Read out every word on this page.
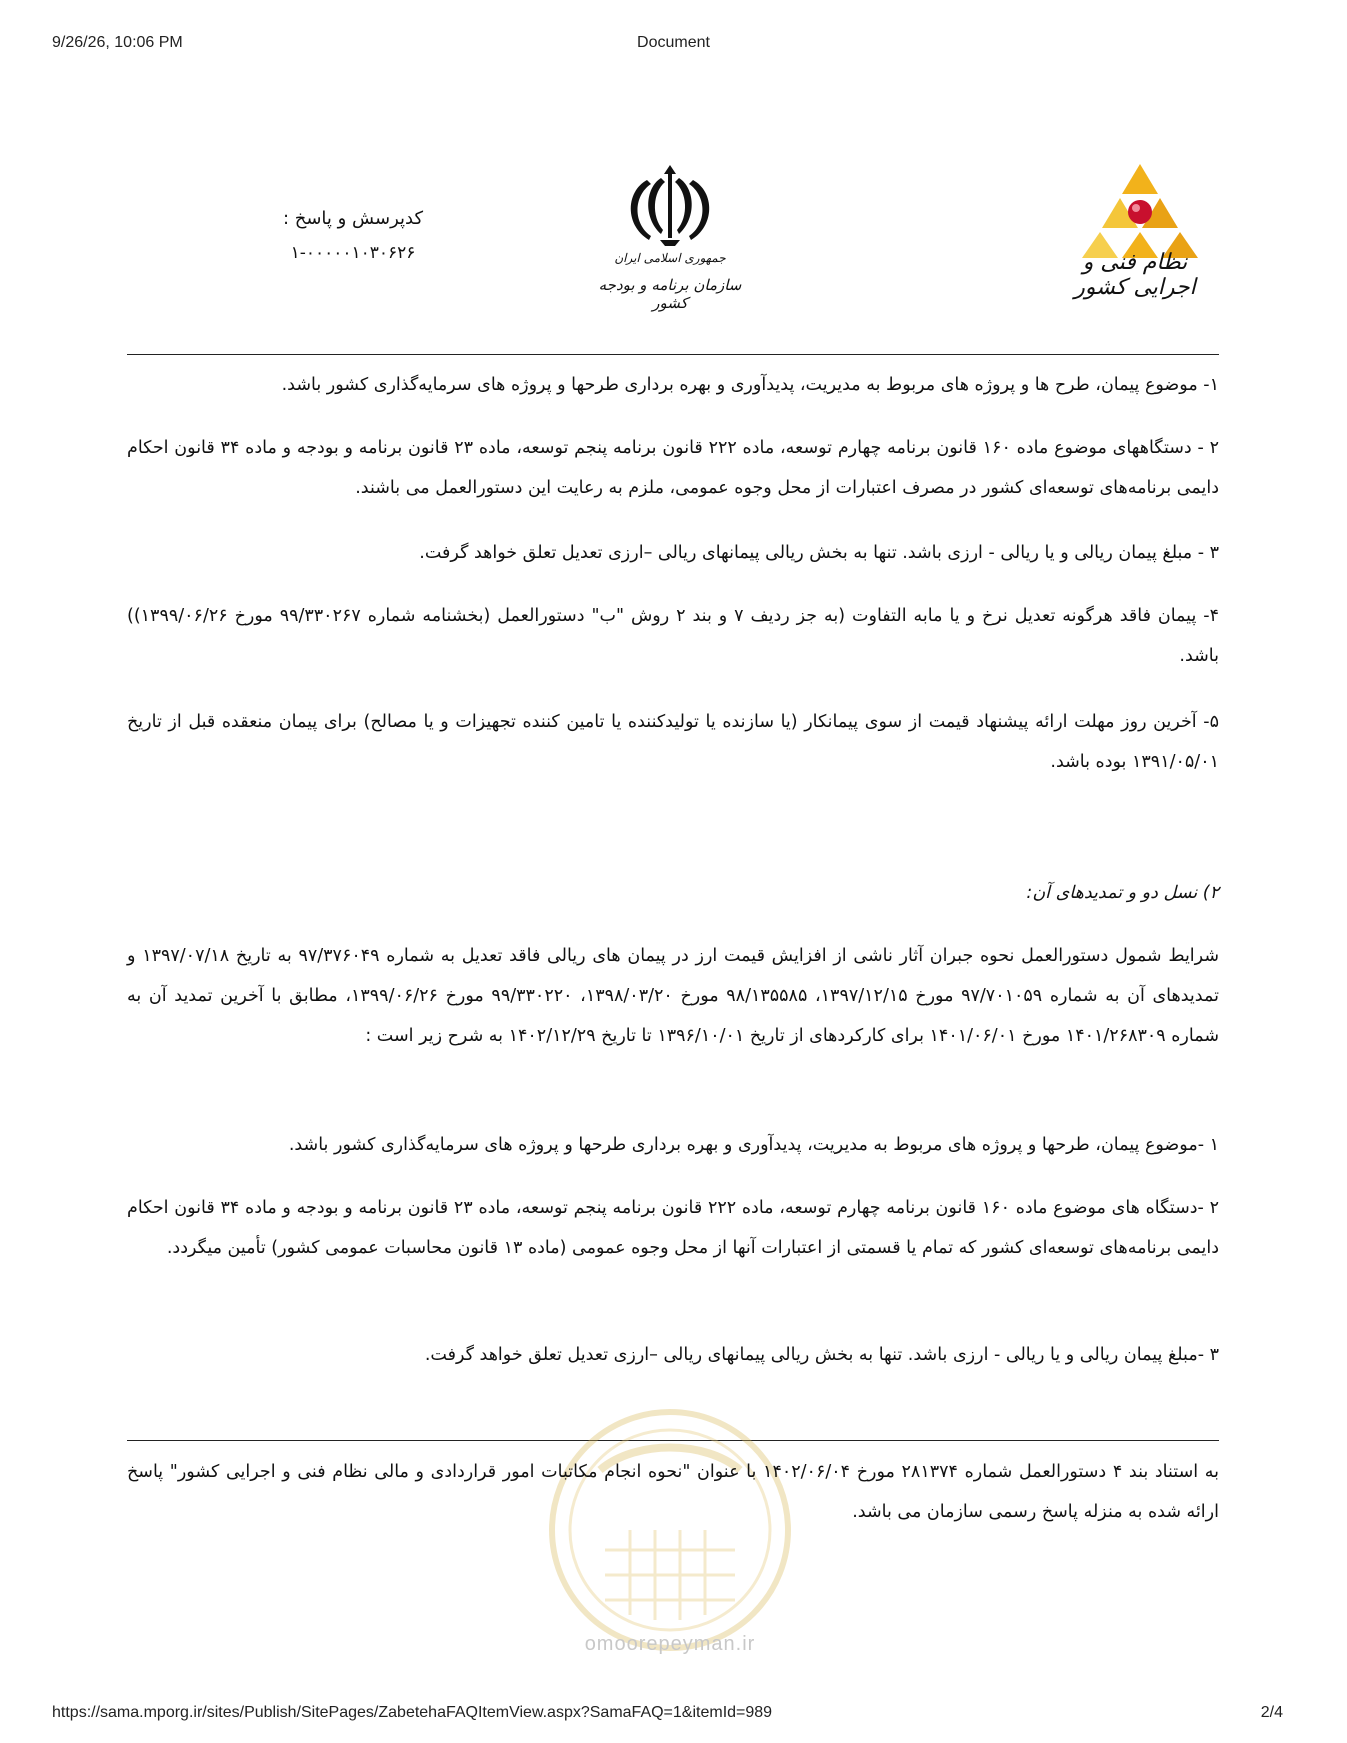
9/26/26, 10:06 PM	Document
کدپرسش و پاسخ :
۱-۰۰۰۰۰۱۰۳۰۶۲۶	جمهوری اسلامی ایران
سازمان برنامه و بودجه کشور
نظام فنی و اجرایی کشور

۱- موضوع پیمان، طرح ها و پروژه های مربوط به مدیریت، پدیدآوری و بهره برداری طرحها و پروژه های سرمایه‌گذاری کشور باشد.

۲ - دستگاههای موضوع ماده ۱۶۰ قانون برنامه چهارم توسعه، ماده ۲۲۲ قانون برنامه پنجم توسعه، ماده ۲۳ قانون برنامه و بودجه و ماده ۳۴ قانون احکام دایمی برنامه‌های توسعه‌ای کشور در مصرف اعتبارات از محل وجوه عمومی، ملزم به رعایت این دستورالعمل می باشند.

۳ - مبلغ پیمان ریالی و یا ریالی - ارزی باشد. تنها به بخش ریالی پیمانهای ریالی –ارزی تعدیل تعلق خواهد گرفت.

۴- پیمان فاقد هرگونه تعدیل نرخ و یا مابه التفاوت (به جز ردیف ۷ و بند ۲ روش "ب" دستورالعمل (بخشنامه شماره ۹۹/۳۳۰۲۶۷ مورخ ۱۳۹۹/۰۶/۲۶)) باشد.

۵- آخرین روز مهلت ارائه پیشنهاد قیمت از سوی پیمانکار (یا سازنده یا تولیدکننده یا تامین کننده تجهیزات و یا مصالح) برای پیمان منعقده قبل از تاریخ ۱۳۹۱/۰۵/۰۱ بوده باشد.

۲) نسل دو و تمدیدهای آن:

شرایط شمول دستورالعمل نحوه جبران آثار ناشی از افزایش قیمت ارز در پیمان های ریالی فاقد تعدیل به شماره ۹۷/۳۷۶۰۴۹ به تاریخ ۱۳۹۷/۰۷/۱۸ و تمدیدهای آن به شماره ۹۷/۷۰۱۰۵۹ مورخ ۱۳۹۷/۱۲/۱۵، ۹۸/۱۳۵۵۸۵ مورخ ۱۳۹۸/۰۳/۲۰، ۹۹/۳۳۰۲۲۰ مورخ ۱۳۹۹/۰۶/۲۶، مطابق با آخرین تمدید آن به شماره ۱۴۰۱/۲۶۸۳۰۹ مورخ ۱۴۰۱/۰۶/۰۱ برای کارکردهای از تاریخ ۱۳۹۶/۱۰/۰۱ تا تاریخ ۱۴۰۲/۱۲/۲۹ به شرح زیر است :

۱ -موضوع پیمان، طرحها و پروژه های مربوط به مدیریت، پدیدآوری و بهره برداری طرحها و پروژه های سرمایه‌گذاری کشور باشد.

۲ -دستگاه های موضوع ماده ۱۶۰ قانون برنامه چهارم توسعه، ماده ۲۲۲ قانون برنامه پنجم توسعه، ماده ۲۳ قانون برنامه و بودجه و ماده ۳۴ قانون احکام دایمی برنامه‌های توسعه‌ای کشور که تمام یا قسمتی از اعتبارات آنها از محل وجوه عمومی (ماده ۱۳ قانون محاسبات عمومی کشور) تأمین میگردد.

۳ -مبلغ پیمان ریالی و یا ریالی - ارزی باشد. تنها به بخش ریالی پیمانهای ریالی –ارزی تعدیل تعلق خواهد گرفت.

به استناد بند ۴ دستورالعمل شماره ۲۸۱۳۷۴ مورخ ۱۴۰۲/۰۶/۰۴ با عنوان "نحوه انجام مکاتبات امور قراردادی و مالی نظام فنی و اجرایی کشور" پاسخ ارائه شده به منزله پاسخ رسمی سازمان می باشد.

omoorepeyman.ir
https://sama.mporg.ir/sites/Publish/SitePages/ZabetehaFAQItemView.aspx?SamaFAQ=1&itemId=989	2/4
